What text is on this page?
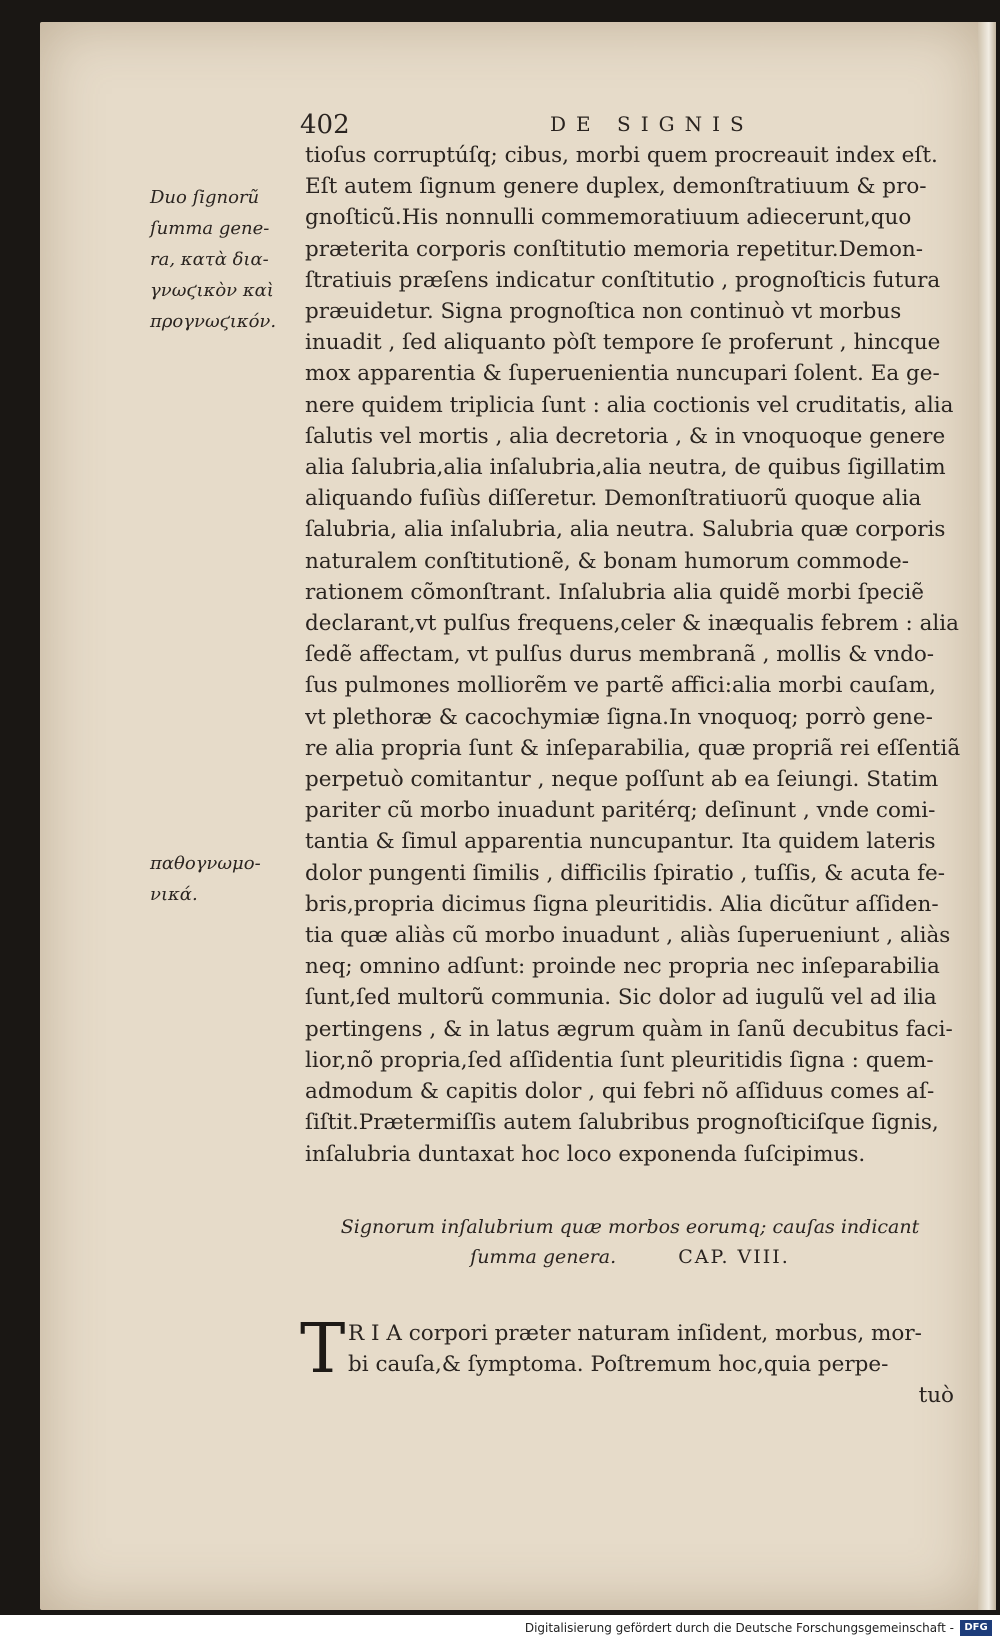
402	DE SIGNIS
Duo ſignorũ
ſumma gene-
ra, κατὰ δια-
γνωϛικὸν καὶ
προγνωϛικόν.
παθογνωμο-
νικά.
tioſus corruptúſq; cibus, morbi quem procreauit index eſt.
Eſt autem ſignum genere duplex, demonſtratiuum & pro-
gnoſticũ.His nonnulli commemoratiuum adiecerunt,quo
præterita corporis conſtitutio memoria repetitur.Demon-
ſtratiuis præſens indicatur conſtitutio , prognoſticis futura
præuidetur. Signa prognoſtica non continuò vt morbus
inuadit , ſed aliquanto pòſt tempore ſe proferunt , hincque
mox apparentia & ſuperuenientia nuncupari ſolent. Ea ge-
nere quidem triplicia ſunt : alia coctionis vel cruditatis, alia
ſalutis vel mortis , alia decretoria , & in vnoquoque genere
alia ſalubria,alia inſalubria,alia neutra, de quibus ſigillatim
aliquando fuſiùs diſſeretur. Demonſtratiuorũ quoque alia
ſalubria, alia inſalubria, alia neutra. Salubria quæ corporis
naturalem conſtitutionẽ, & bonam humorum commode-
rationem cõmonſtrant. Inſalubria alia quidẽ morbi ſpeciẽ
declarant,vt pulſus frequens,celer & inæqualis febrem : alia
ſedẽ affectam, vt pulſus durus membranã , mollis & vndo-
ſus pulmones molliorẽm ve partẽ affici:alia morbi cauſam,
vt plethoræ & cacochymiæ ſigna.In vnoquoq; porrò gene-
re alia propria ſunt & inſeparabilia, quæ propriã rei eſſentiã
perpetuò comitantur , neque poſſunt ab ea ſeiungi. Statim
pariter cũ morbo inuadunt paritérq; deſinunt , vnde comi-
tantia & ſimul apparentia nuncupantur. Ita quidem lateris
dolor pungenti ſimilis , difficilis ſpiratio , tuſſis, & acuta fe-
bris,propria dicimus ſigna pleuritidis. Alia dicũtur aſſiden-
tia quæ aliàs cũ morbo inuadunt , aliàs ſuperueniunt , aliàs
neq; omnino adſunt: proinde nec propria nec inſeparabilia
ſunt,ſed multorũ communia. Sic dolor ad iugulũ vel ad ilia
pertingens , & in latus ægrum quàm in ſanũ decubitus faci-
lior,nõ propria,ſed aſſidentia ſunt pleuritidis ſigna : quem-
admodum & capitis dolor , qui febri nõ aſſiduus comes aſ-
ſiſtit.Prætermiſſis autem ſalubribus prognoſticiſque ſignis,
inſalubria duntaxat hoc loco exponenda ſuſcipimus.
Signorum inſalubrium quæ morbos eorumq; cauſas indicant
ſumma genera.	CAP. VIII.
T R I A corpori præter naturam inſident, morbus, mor-
bi cauſa,& ſymptoma. Poſtremum hoc,quia perpe-
tuò
Digitalisierung gefördert durch die Deutsche Forschungsgemeinschaft -	DFG
